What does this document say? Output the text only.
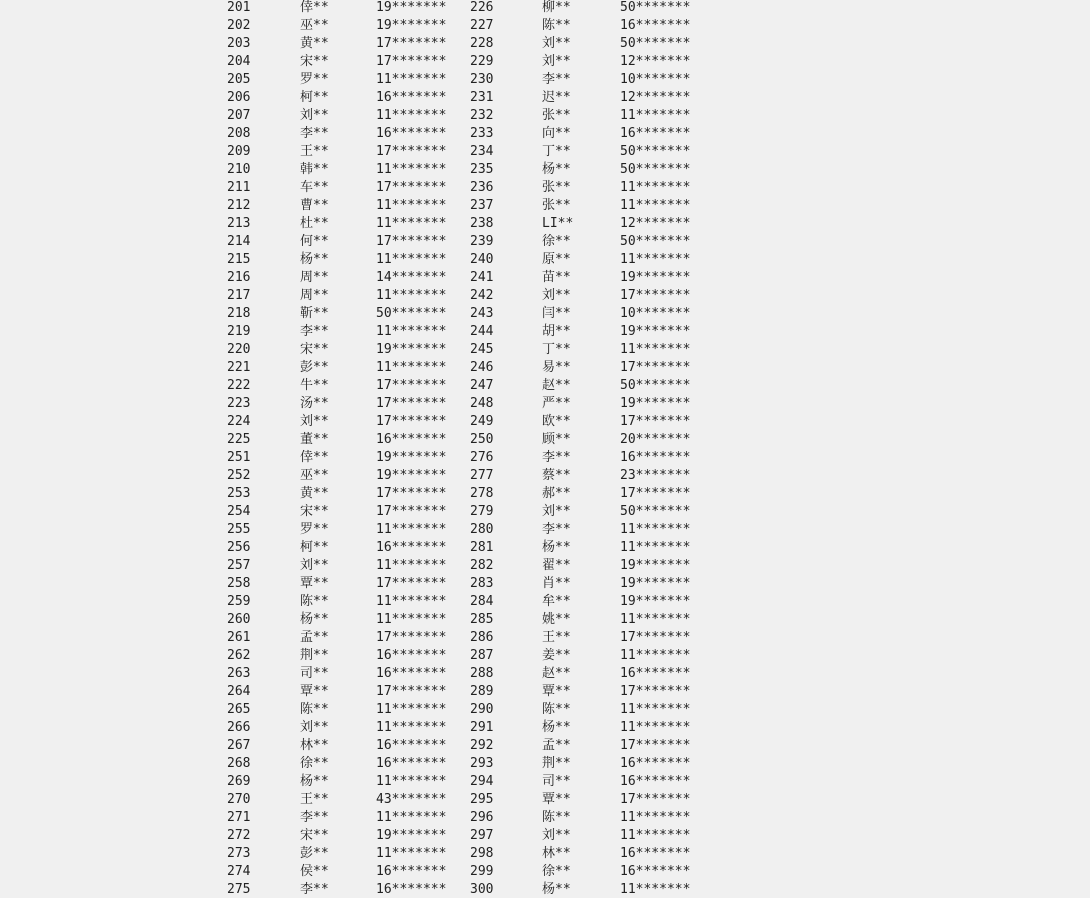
201	倖**	19******* 226	柳**	50*******
202	巫**	19******* 227	陈**	16*******
203	黄**	17******* 228	刘**	50*******
204	宋**	17******* 229	刘**	12*******
205	罗**	11******* 230	李**	10*******
206	柯**	16******* 231	迟**	12*******
207	刘**	11******* 232	张**	11*******
208	李**	16******* 233	向**	16*******
209	王**	17******* 234	丁**	50*******
210	韩**	11******* 235	杨**	50*******
211	车**	17******* 236	张**	11*******
212	曹**	11******* 237	张**	11*******
213	杜**	11******* 238	LI**	12*******
214	何**	17******* 239	徐**	50*******
215	杨**	11******* 240	原**	11*******
216	周**	14******* 241	苗**	19*******
217	周**	11******* 242	刘**	17*******
218	靳**	50******* 243	闫**	10*******
219	李**	11******* 244	胡**	19*******
220	宋**	19******* 245	丁**	11*******
221	彭**	11******* 246	易**	17*******
222	牛**	17******* 247	赵**	50*******
223	汤**	17******* 248	严**	19*******
224	刘**	17******* 249	欧**	17*******
225	董**	16******* 250	顾**	20*******
251	倖**	19******* 276	李**	16*******
252	巫**	19******* 277	蔡**	23*******
253	黄**	17******* 278	郝**	17*******
254	宋**	17******* 279	刘**	50*******
255	罗**	11******* 280	李**	11*******
256	柯**	16******* 281	杨**	11*******
257	刘**	11******* 282	翟**	19*******
258	覃**	17******* 283	肖**	19*******
259	陈**	11******* 284	牟**	19*******
260	杨**	11******* 285	姚**	11*******
261	孟**	17******* 286	王**	17*******
262	荆**	16******* 287	姜**	11*******
263	司**	16******* 288	赵**	16*******
264	覃**	17******* 289	覃**	17*******
265	陈**	11******* 290	陈**	11*******
266	刘**	11******* 291	杨**	11*******
267	林**	16******* 292	孟**	17*******
268	徐**	16******* 293	荆**	16*******
269	杨**	11******* 294	司**	16*******
270	王**	43******* 295	覃**	17*******
271	李**	11******* 296	陈**	11*******
272	宋**	19******* 297	刘**	11*******
273	彭**	11******* 298	林**	16*******
274	侯**	16******* 299	徐**	16*******
275	李**	16******* 300	杨**	11*******
